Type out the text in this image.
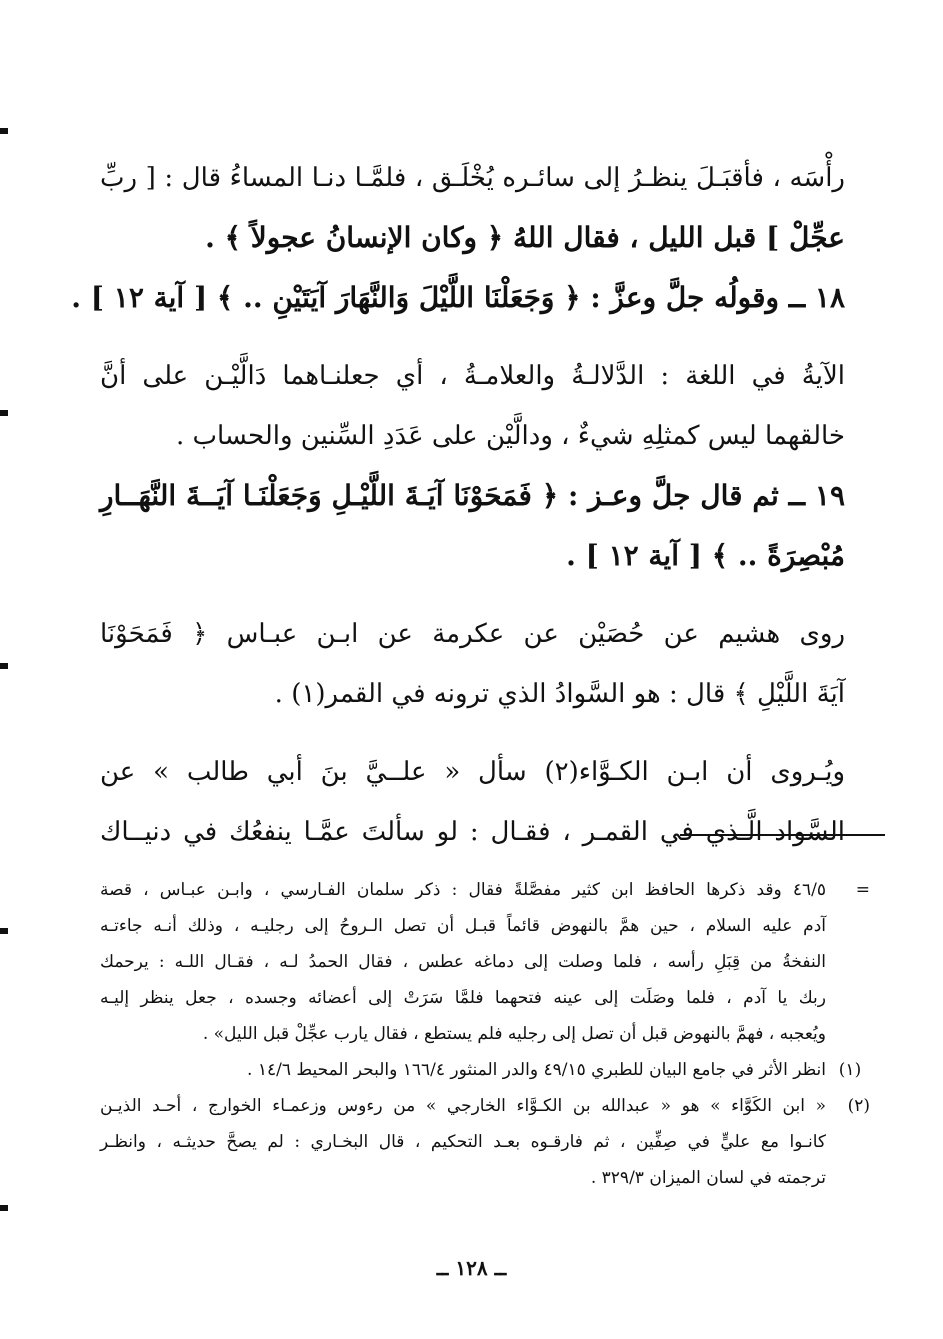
رأْسَه ، فأقبَـلَ ينظـرُ إلى سائـره يُخْلَـق ، فلمَّـا دنـا المساءُ قال : [ ربِّ
عجِّلْ ] قبل الليل ، فقال اللهُ ﴿ وكان الإنسانُ عجولاً ﴾ .
١٨ ــ وقولُه جلَّ وعزَّ : ﴿ وَجَعَلْنَا اللَّيْلَ وَالنَّهَارَ آيَتَيْنِ .. ﴾ [ آية ١٢ ] .
الآيةُ في اللغة : الدَّلالـةُ والعلامـةُ ، أي جعلنـاهما دَالَّيْـن على أنَّ
خالقهما ليس كمثلِهِ شيءٌ ، ودالَّيْن على عَدَدِ السِّنين والحساب .
١٩ ــ ثم قال جلَّ وعـز : ﴿ فَمَحَوْنَا آيَـةَ اللَّيْـلِ وَجَعَلْنَـا آيَــةَ النَّهَــارِ
مُبْصِرَةً .. ﴾ [ آية ١٢ ] .
روى هشيم عن حُصَيْن عن عكرمة عن ابـن عبـاس ﴿ فَمَحَوْنَا
آيَةَ اللَّيْلِ ﴾ قال : هو السَّوادُ الذي ترونه في القمر(١) .
ويُـروى أن ابـن الكـوَّاء(٢) سأل « علــيَّ بنَ أبي طالب » عن
السَّواد الَّـذي في القمـر ، فقـال : لو سألتَ عمَّـا ينفعُك في دنيــاك
=
٤٦/٥ وقد ذكرها الحافظ ابن كثير مفصَّلةً فقال : ذكر سلمان الفـارسي ، وابـن عبـاس ، قصة
آدم عليه السلام ، حين همَّ بالنهوض قائماً قبـل أن تصل الـروحُ إلى رجليـه ، وذلك أنـه جاءتـه
النفخةُ من قِبَلِ رأسه ، فلما وصلت إلى دماغه عطس ، فقال الحمدُ لـه ، فقـال اللـه : يرحمك
ربك يا آدم ، فلما وصَلَت إلى عينه فتحهما فلمَّا سَرَتْ إلى أعضائه وجسده ، جعل ينظر إليـه
ويُعجبه ، فهمَّ بالنهوض قبل أن تصل إلى رجليه فلم يستطع ، فقال يارب عجِّلْ قبل الليل» .
(١)
انظر الأثر في جامع البيان للطبري ٤٩/١٥ والدر المنثور ١٦٦/٤ والبحر المحيط ١٤/٦ .
(٢)
« ابن الكَوَّاء » هو « عبدالله بن الكـوَّاء الخارجي » من رءوس وزعمـاء الخوارج ، أحـد الذيـن
كانـوا مع عليٍّ في صِفِّين ، ثم فارقـوه بعـد التحكيم ، قال البخـاري : لم يصحَّ حديثـه ، وانظـر
ترجمته في لسان الميزان ٣٢٩/٣ .
ــ ١٢٨ ــ
